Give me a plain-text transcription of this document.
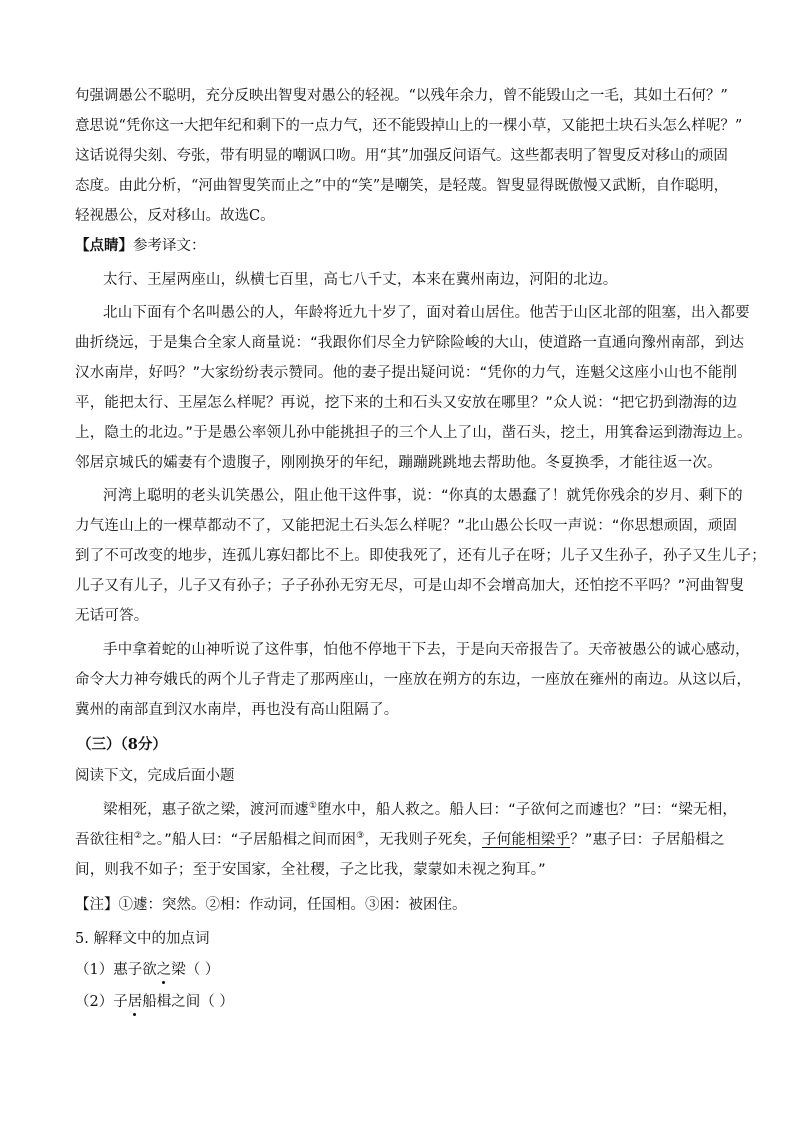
句强调愚公不聪明，充分反映出智叟对愚公的轻视。“以残年余力，曾不能毁山之一毛，其如土石何？”
意思说“凭你这一大把年纪和剩下的一点力气，还不能毁掉山上的一棵小草，又能把土块石头怎么样呢？”
这话说得尖刻、夸张，带有明显的嘲讽口吻。用“其”加强反问语气。这些都表明了智叟反对移山的顽固
态度。由此分析，“河曲智叟笑而止之”中的“笑”是嘲笑，是轻蔑。智叟显得既傲慢又武断，自作聪明，
轻视愚公，反对移山。故选C。
【点睛】参考译文：
太行、王屋两座山，纵横七百里，高七八千丈，本来在冀州南边，河阳的北边。
北山下面有个名叫愚公的人，年龄将近九十岁了，面对着山居住。他苦于山区北部的阻塞，出入都要
曲折绕远，于是集合全家人商量说：“我跟你们尽全力铲除险峻的大山，使道路一直通向豫州南部，到达
汉水南岸，好吗？”大家纷纷表示赞同。他的妻子提出疑问说：“凭你的力气，连魁父这座小山也不能削
平，能把太行、王屋怎么样呢？再说，挖下来的土和石头又安放在哪里？”众人说：“把它扔到渤海的边
上，隐土的北边。”于是愚公率领儿孙中能挑担子的三个人上了山，凿石头，挖土，用箕畚运到渤海边上。
邻居京城氏的孀妻有个遗腹子，刚刚换牙的年纪，蹦蹦跳跳地去帮助他。冬夏换季，才能往返一次。
河湾上聪明的老头讥笑愚公，阻止他干这件事，说：“你真的太愚蠢了！就凭你残余的岁月、剩下的
力气连山上的一棵草都动不了，又能把泥土石头怎么样呢？”北山愚公长叹一声说：“你思想顽固，顽固
到了不可改变的地步，连孤儿寡妇都比不上。即使我死了，还有儿子在呀；儿子又生孙子，孙子又生儿子；
儿子又有儿子，儿子又有孙子；子子孙孙无穷无尽，可是山却不会增高加大，还怕挖不平吗？”河曲智叟
无话可答。
手中拿着蛇的山神听说了这件事，怕他不停地干下去，于是向天帝报告了。天帝被愚公的诚心感动，
命令大力神夸娥氏的两个儿子背走了那两座山，一座放在朔方的东边，一座放在雍州的南边。从这以后，
冀州的南部直到汉水南岸，再也没有高山阻隔了。
（三）（8分）
阅读下文，完成后面小题
梁相死，惠子欲之梁，渡河而遽①堕水中，船人救之。船人曰：“子欲何之而遽也？”曰：“梁无相，
吾欲往相②之。”船人曰：“子居船楫之间而困③，无我则子死矣，子何能相梁乎？”惠子曰：子居船楫之
间，则我不如子；至于安国家，全社稷，子之比我，蒙蒙如未视之狗耳。”
【注】①遽：突然。②相：作动词，任国相。③困：被困住。
5. 解释文中的加点词
（1）惠子欲之梁（ ）
（2）子居船楫之间（ ）
